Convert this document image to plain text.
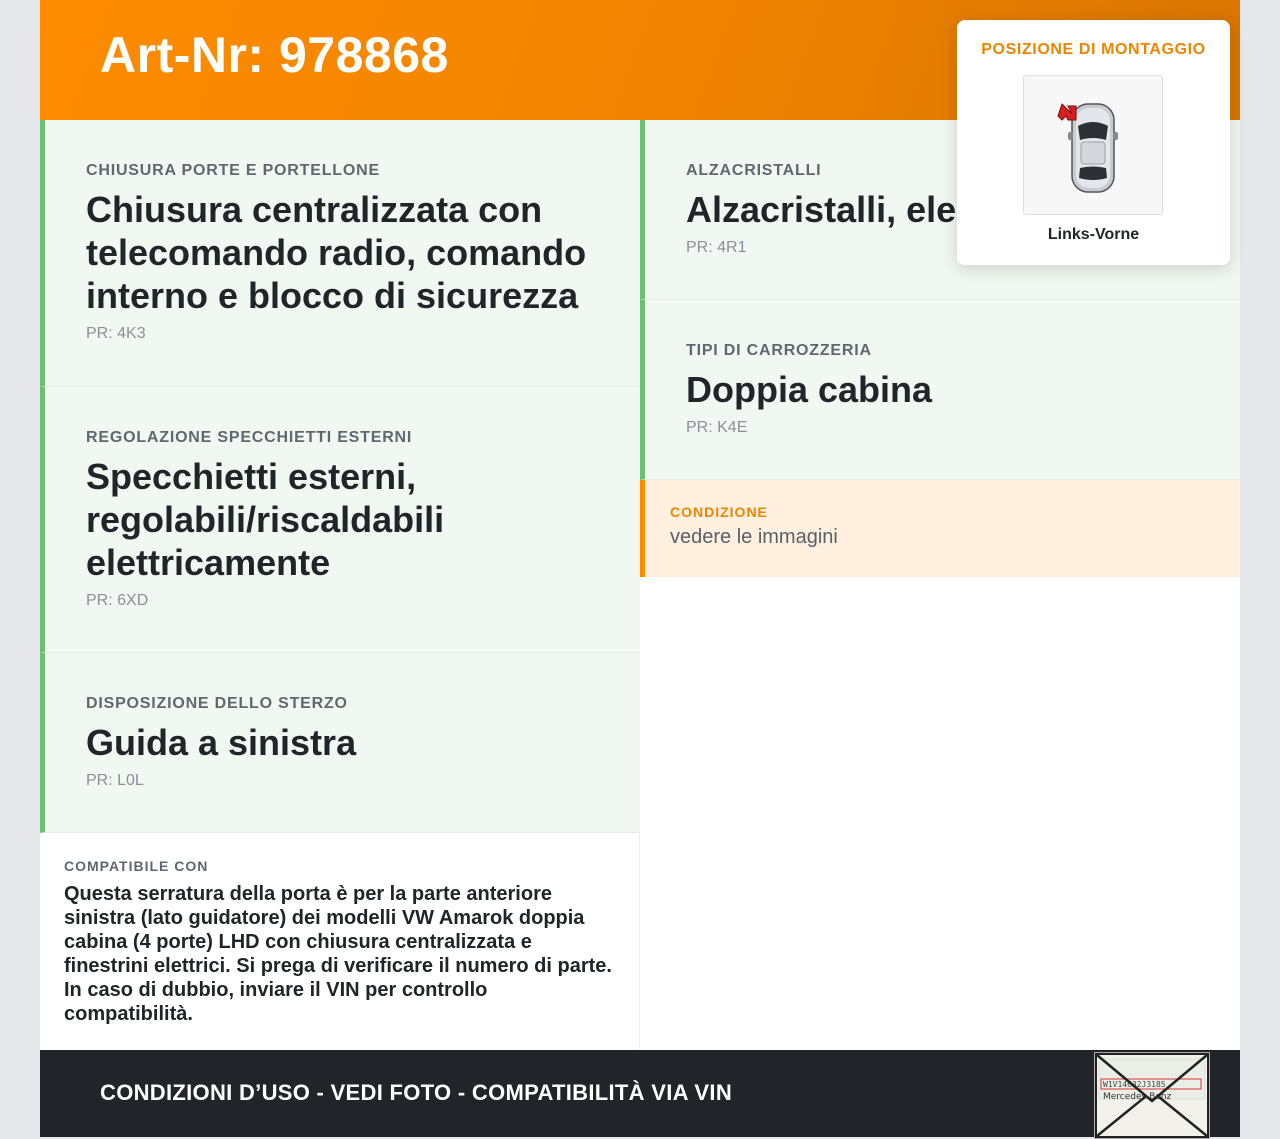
Art-Nr: 978868
CHIUSURA PORTE E PORTELLONE
Chiusura centralizzata con telecomando radio, comando interno e blocco di sicurezza
PR: 4K3
REGOLAZIONE SPECCHIETTI ESTERNI
Specchietti esterni, regolabili/riscaldabili elettricamente
PR: 6XD
DISPOSIZIONE DELLO STERZO
Guida a sinistra
PR: L0L
ALZACRISTALLI
Alzacristalli, ele
PR: 4R1
TIPI DI CARROZZERIA
Doppia cabina
PR: K4E
CONDIZIONE
vedere le immagini
COMPATIBILE CON
Questa serratura della porta è per la parte anteriore sinistra (lato guidatore) dei modelli VW Amarok doppia cabina (4 porte) LHD con chiusura centralizzata e finestrini elettrici. Si prega di verificare il numero di parte. In caso di dubbio, inviare il VIN per controllo compatibilità.
CONDIZIONI D’USO - VEDI FOTO - COMPATIBILITÀ VIA VIN	W1V14632J3185
Mercedes-Benz
POSIZIONE DI MONTAGGIO
Links-Vorne
